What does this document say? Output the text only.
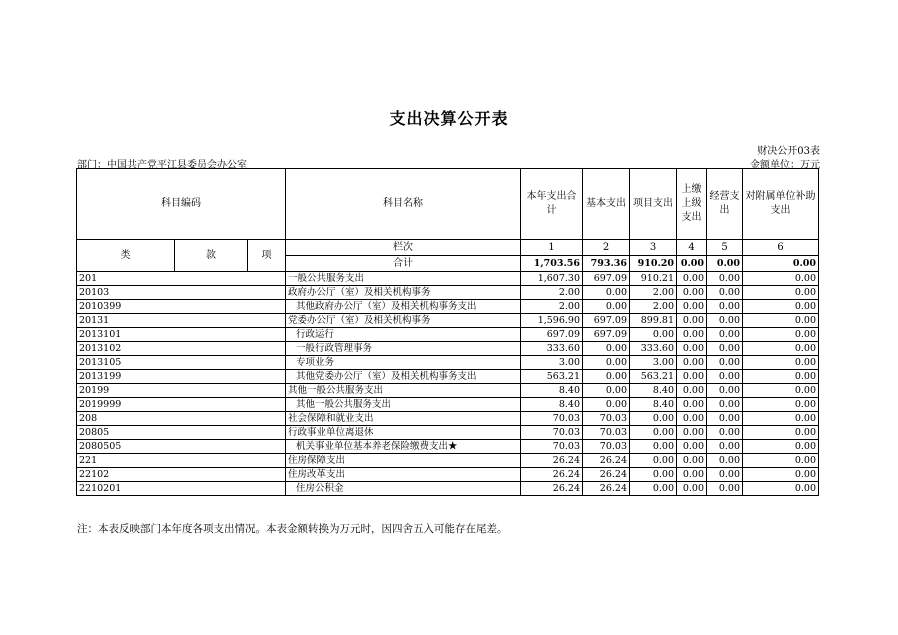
支出决算公开表
财决公开03表
部门：中国共产党平江县委员会办公室	金额单位：万元
科目编码			科目名称	本年支出合计	基本支出	项目支出	上缴上级支出	经营支出	对附属单位补助支出
类	款	项	栏次	1	2	3	4	5	6
			合计	1,703.56	793.36	910.20	0.00	0.00	0.00
201			一般公共服务支出	1,607.30	697.09	910.21	0.00	0.00	0.00
20103			政府办公厅（室）及相关机构事务	2.00	0.00	2.00	0.00	0.00	0.00
2010399			其他政府办公厅（室）及相关机构事务支出	2.00	0.00	2.00	0.00	0.00	0.00
20131			党委办公厅（室）及相关机构事务	1,596.90	697.09	899.81	0.00	0.00	0.00
2013101			行政运行	697.09	697.09	0.00	0.00	0.00	0.00
2013102			一般行政管理事务	333.60	0.00	333.60	0.00	0.00	0.00
2013105			专项业务	3.00	0.00	3.00	0.00	0.00	0.00
2013199			其他党委办公厅（室）及相关机构事务支出	563.21	0.00	563.21	0.00	0.00	0.00
20199			其他一般公共服务支出	8.40	0.00	8.40	0.00	0.00	0.00
2019999			其他一般公共服务支出	8.40	0.00	8.40	0.00	0.00	0.00
208			社会保障和就业支出	70.03	70.03	0.00	0.00	0.00	0.00
20805			行政事业单位离退休	70.03	70.03	0.00	0.00	0.00	0.00
2080505			机关事业单位基本养老保险缴费支出★	70.03	70.03	0.00	0.00	0.00	0.00
221			住房保障支出	26.24	26.24	0.00	0.00	0.00	0.00
22102			住房改革支出	26.24	26.24	0.00	0.00	0.00	0.00
2210201			住房公积金	26.24	26.24	0.00	0.00	0.00	0.00
注：本表反映部门本年度各项支出情况。本表金额转换为万元时，因四舍五入可能存在尾差。
